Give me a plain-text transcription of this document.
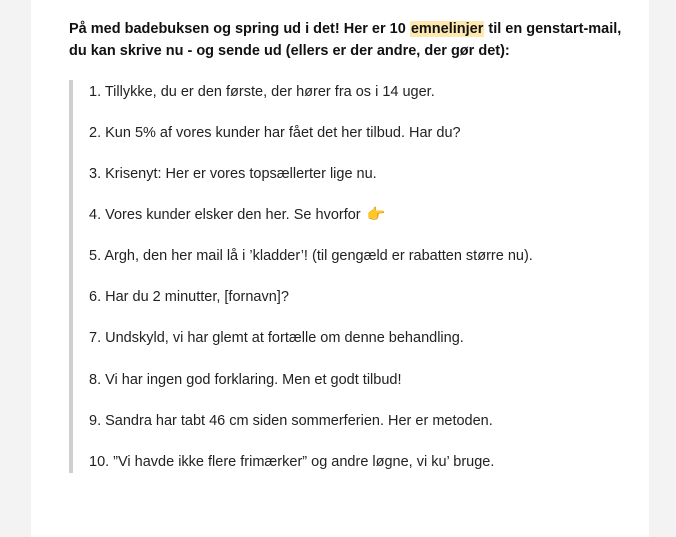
På med badebuksen og spring ud i det! Her er 10 emnelinjer til en genstart-mail, du kan skrive nu - og sende ud (ellers er der andre, der gør det):
1. Tillykke, du er den første, der hører fra os i 14 uger.
2. Kun 5% af vores kunder har fået det her tilbud. Har du?
3. Krisenyt: Her er vores topsællerter lige nu.
4. Vores kunder elsker den her. Se hvorfor 👉
5. Argh, den her mail lå i ’kladder’! (til gengæld er rabatten større nu).
6. Har du 2 minutter, [fornavn]?
7. Undskyld, vi har glemt at fortælle om denne behandling.
8. Vi har ingen god forklaring. Men et godt tilbud!
9. Sandra har tabt 46 cm siden sommerferien. Her er metoden.
10. ”Vi havde ikke flere frimærker” og andre løgne, vi ku’ bruge.
